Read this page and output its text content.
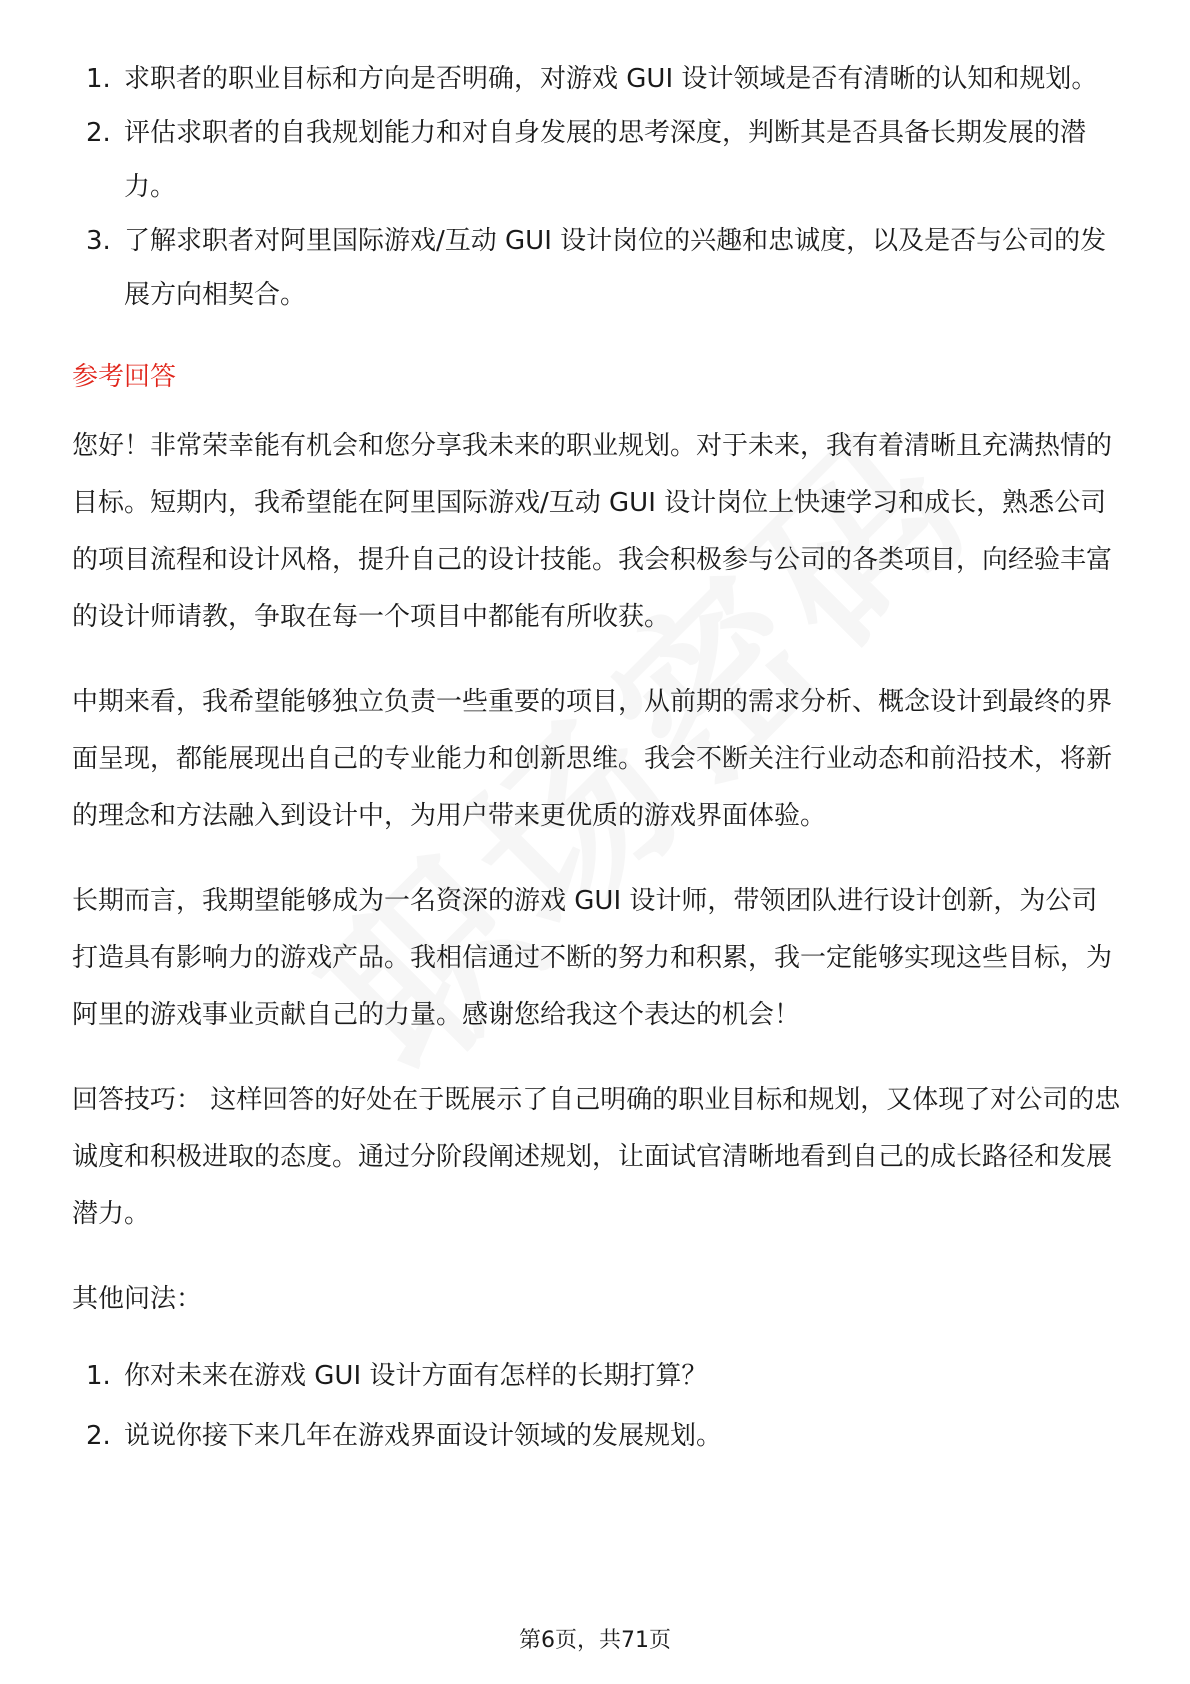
1. 求职者的职业目标和方向是否明确，对游戏 GUI 设计领域是否有清晰的认知和规划。
2. 评估求职者的自我规划能力和对自身发展的思考深度，判断其是否具备长期发展的潜力。
3. 了解求职者对阿里国际游戏/互动 GUI 设计岗位的兴趣和忠诚度，以及是否与公司的发展方向相契合。
参考回答

您好！非常荣幸能有机会和您分享我未来的职业规划。对于未来，我有着清晰且充满热情的目标。短期内，我希望能在阿里国际游戏/互动 GUI 设计岗位上快速学习和成长，熟悉公司的项目流程和设计风格，提升自己的设计技能。我会积极参与公司的各类项目，向经验丰富的设计师请教，争取在每一个项目中都能有所收获。

中期来看，我希望能够独立负责一些重要的项目，从前期的需求分析、概念设计到最终的界面呈现，都能展现出自己的专业能力和创新思维。我会不断关注行业动态和前沿技术，将新的理念和方法融入到设计中，为用户带来更优质的游戏界面体验。

长期而言，我期望能够成为一名资深的游戏 GUI 设计师，带领团队进行设计创新，为公司打造具有影响力的游戏产品。我相信通过不断的努力和积累，我一定能够实现这些目标，为阿里的游戏事业贡献自己的力量。感谢您给我这个表达的机会！

回答技巧： 这样回答的好处在于既展示了自己明确的职业目标和规划，又体现了对公司的忠诚度和积极进取的态度。通过分阶段阐述规划，让面试官清晰地看到自己的成长路径和发展潜力。

其他问法：

1. 你对未来在游戏 GUI 设计方面有怎样的长期打算？
2. 说说你接下来几年在游戏界面设计领域的发展规划。
第6页，共71页
